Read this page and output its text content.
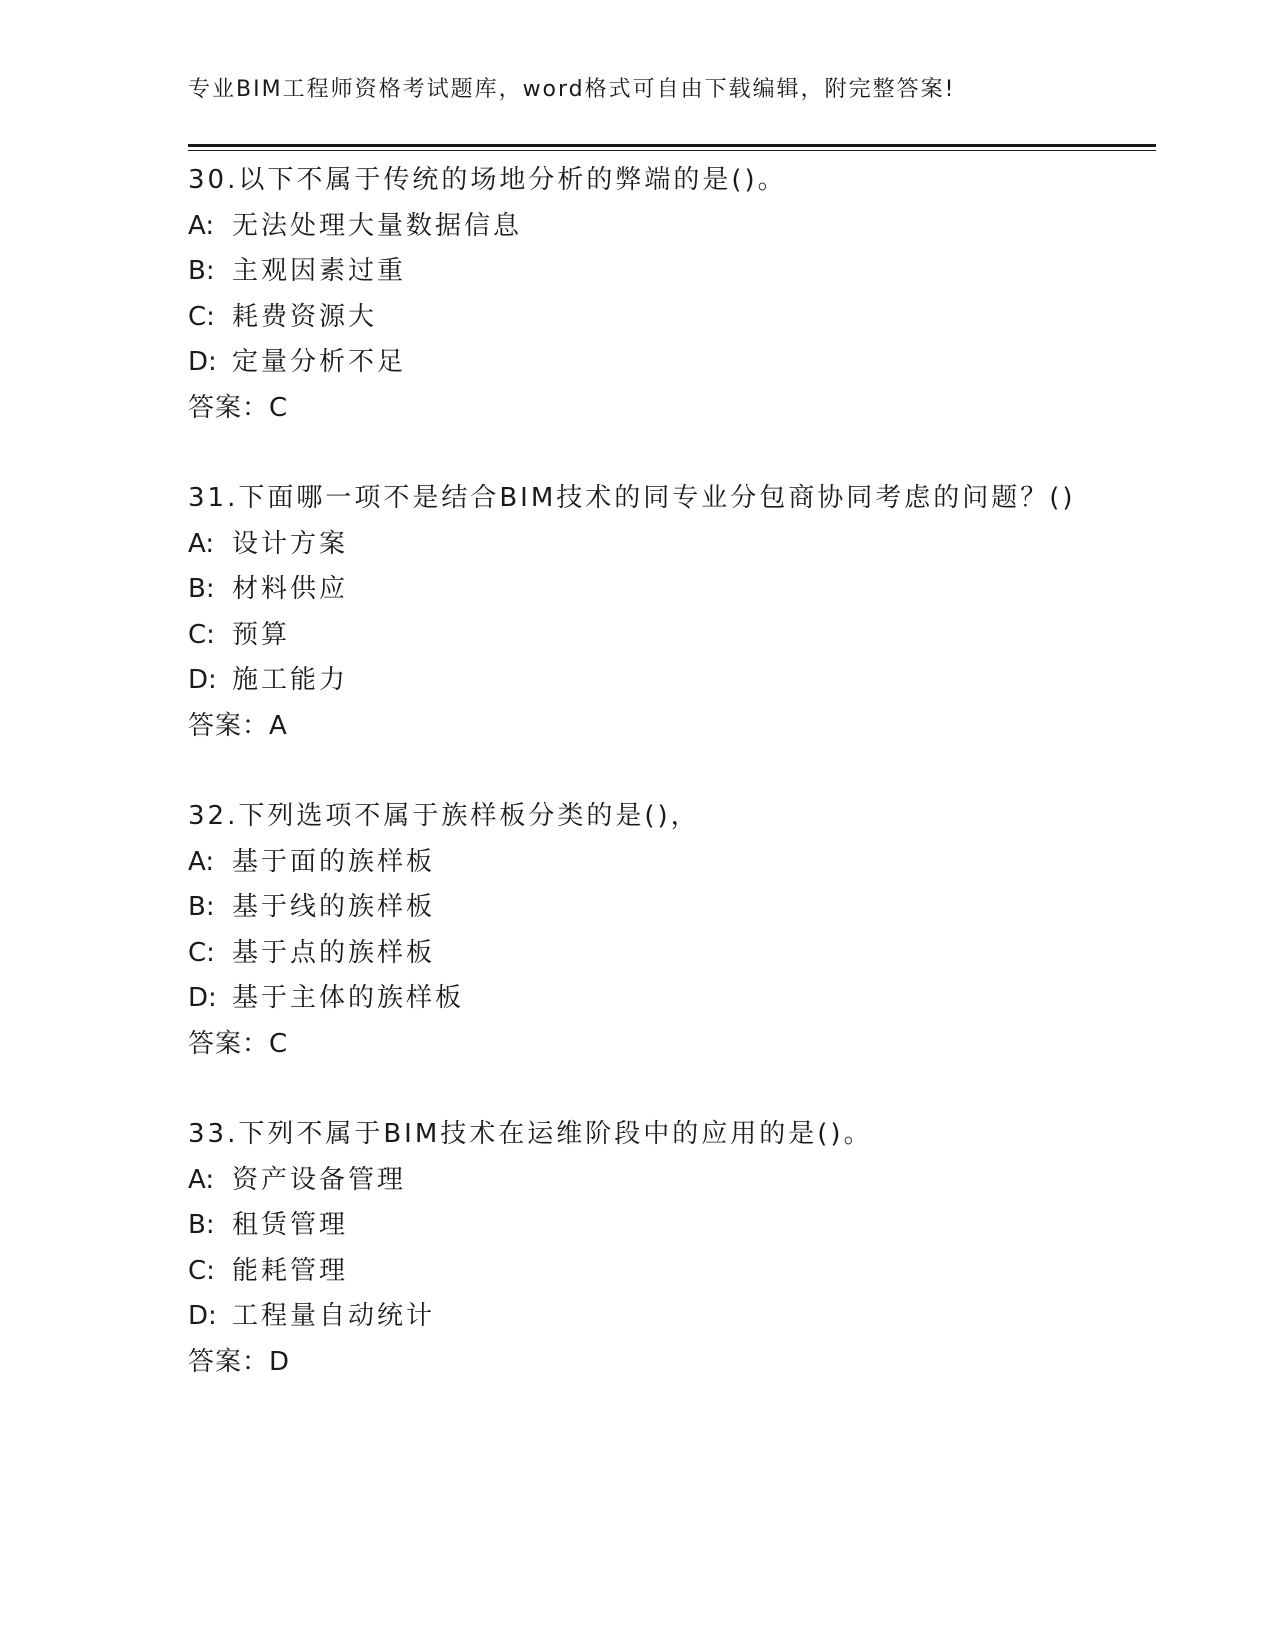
专业BIM工程师资格考试题库，word格式可自由下载编辑，附完整答案!
30.以下不属于传统的场地分析的弊端的是()。
A: 无法处理大量数据信息
B: 主观因素过重
C: 耗费资源大
D: 定量分析不足
答案：C
31.下面哪一项不是结合BIM技术的同专业分包商协同考虑的问题？()
A: 设计方案
B: 材料供应
C: 预算
D: 施工能力
答案：A
32.下列选项不属于族样板分类的是()，
A: 基于面的族样板
B: 基于线的族样板
C: 基于点的族样板
D: 基于主体的族样板
答案：C
33.下列不属于BIM技术在运维阶段中的应用的是()。
A: 资产设备管理
B: 租赁管理
C: 能耗管理
D: 工程量自动统计
答案：D
